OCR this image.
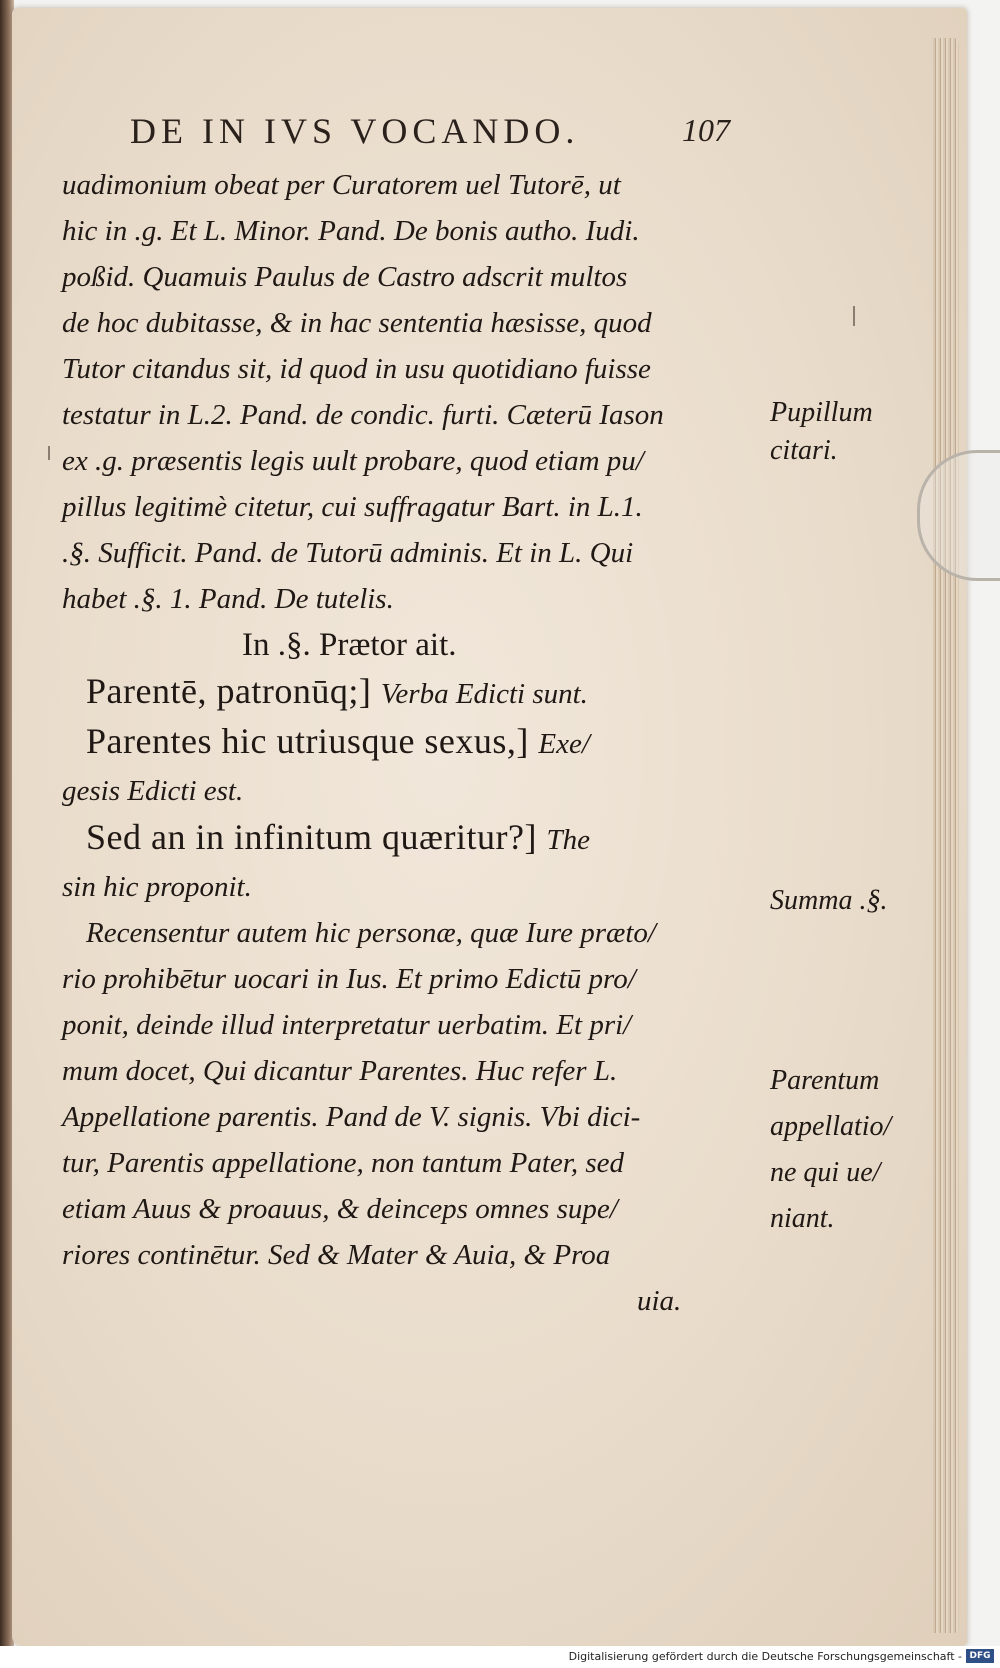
DE IN IVS VOCANDO.	107
uadimonium obeat per Curatorem uel Tutorē, ut
hic in .g. Et L. Minor. Pand. De bonis autho. Iudi.
poßid. Quamuis Paulus de Castro adscrit multos
de hoc dubitasse, & in hac sententia hæsisse, quod
Tutor citandus sit, id quod in usu quotidiano fuisse
testatur in L.2. Pand. de condic. furti. Cæterū Iason
ex .g. præsentis legis uult probare, quod etiam pu/
pillus legitimè citetur, cui suffragatur Bart. in L.1.
.§. Sufficit. Pand. de Tutorū adminis. Et in L. Qui
habet .§. 1. Pand. De tutelis.
In .§. Prætor ait.
Parentē, patronūq;] Verba Edicti sunt.
Parentes hic utriusque sexus,] Exe/
gesis Edicti est.
Sed an in infinitum quæritur?] The
sin hic proponit.
Recensentur autem hic personæ, quæ Iure præto/
rio prohibētur uocari in Ius. Et primo Edictū pro/
ponit, deinde illud interpretatur uerbatim. Et pri/
mum docet, Qui dicantur Parentes. Huc refer L.
Appellatione parentis. Pand de V. signis. Vbi dici-
tur, Parentis appellatione, non tantum Pater, sed
etiam Auus & proauus, & deinceps omnes supe/
riores continētur. Sed & Mater & Auia, & Proa
uia.
Pupillum
citari.
Summa .§.
Parentum
appellatio/
ne qui ue/
niant.
Digitalisierung gefördert durch die Deutsche Forschungsgemeinschaft - DFG
